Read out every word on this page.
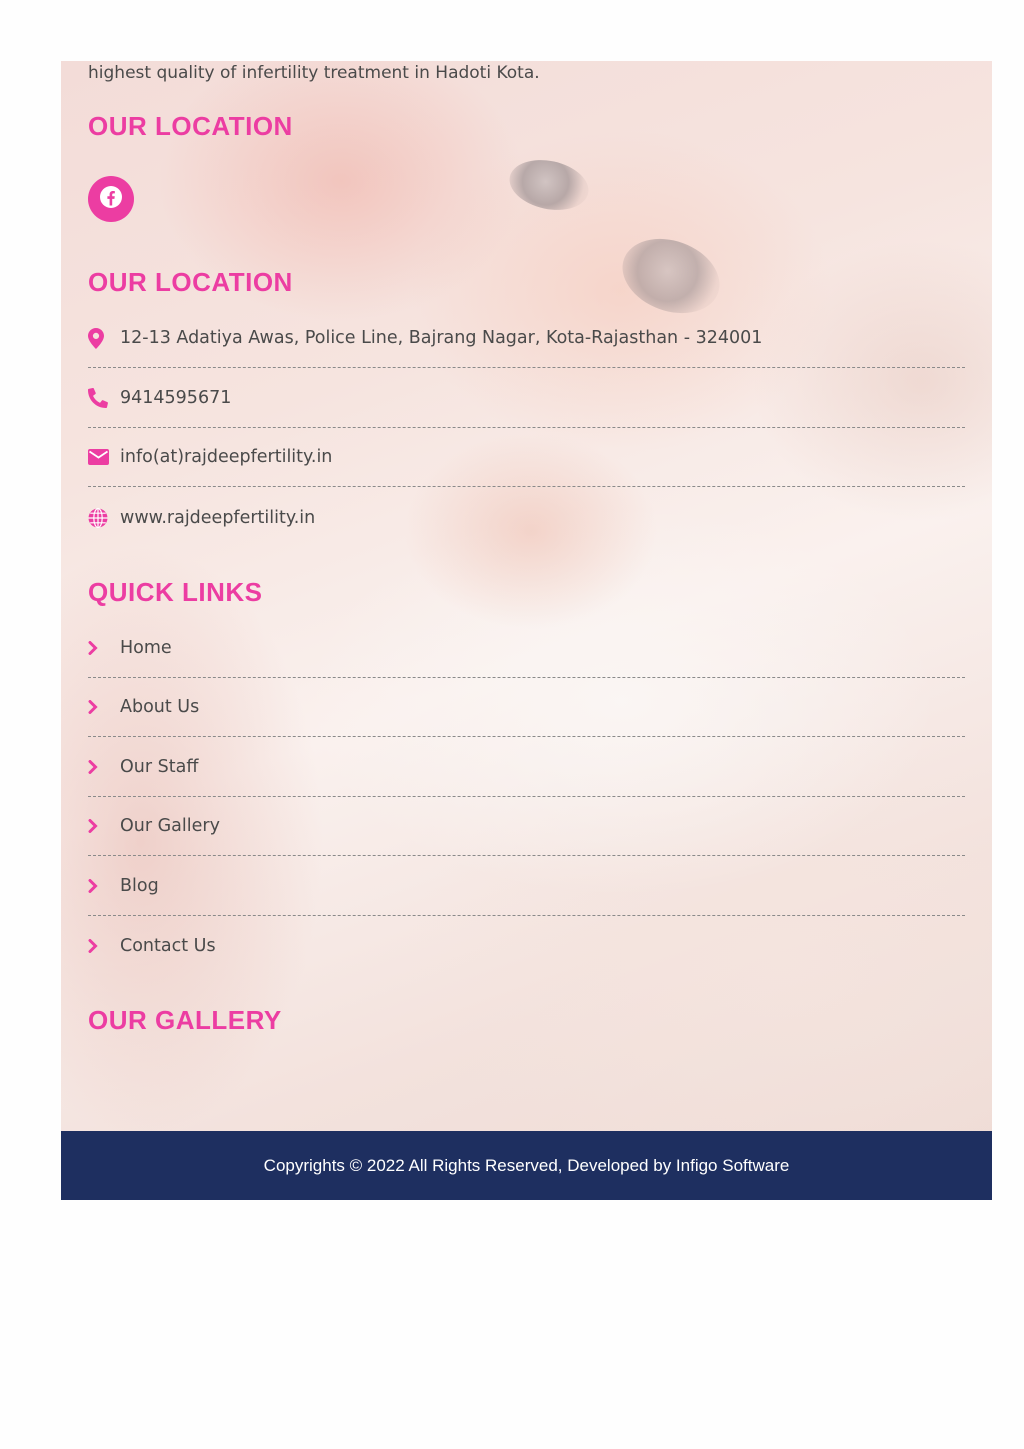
highest quality of infertility treatment in Hadoti Kota.

OUR LOCATION
OUR LOCATION
12-13 Adatiya Awas, Police Line, Bajrang Nagar, Kota-Rajasthan - 324001
9414595671
info(at)rajdeepfertility.in
www.rajdeepfertility.in
QUICK LINKS
Home
About Us
Our Staff
Our Gallery
Blog
Contact Us
OUR GALLERY
Copyrights © 2022 All Rights Reserved, Developed by Infigo Software
